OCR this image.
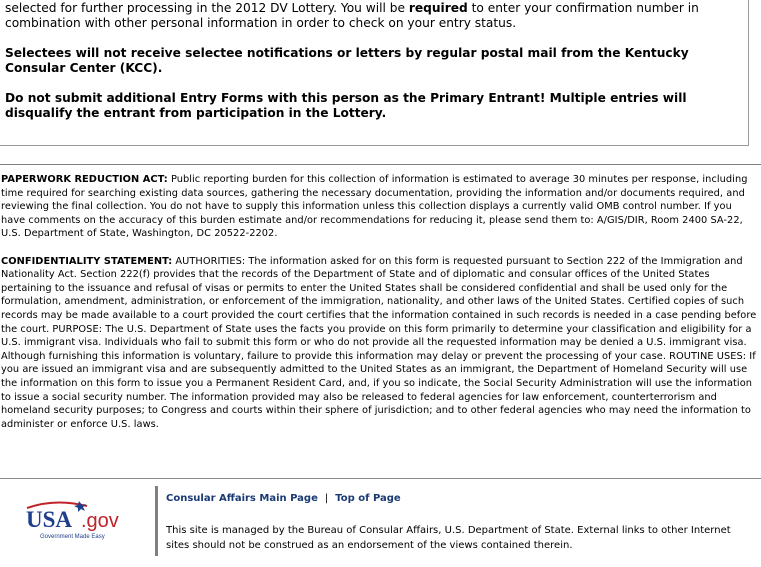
selected for further processing in the 2012 DV Lottery. You will be required to enter your confirmation number in combination with other personal information in order to check on your entry status.

Selectees will not receive selectee notifications or letters by regular postal mail from the Kentucky Consular Center (KCC).

Do not submit additional Entry Forms with this person as the Primary Entrant! Multiple entries will disqualify the entrant from participation in the Lottery.

PAPERWORK REDUCTION ACT: Public reporting burden for this collection of information is estimated to average 30 minutes per response, including time required for searching existing data sources, gathering the necessary documentation, providing the information and/or documents required, and reviewing the final collection. You do not have to supply this information unless this collection displays a currently valid OMB control number. If you have comments on the accuracy of this burden estimate and/or recommendations for reducing it, please send them to: A/GIS/DIR, Room 2400 SA-22, U.S. Department of State, Washington, DC 20522-2202.

CONFIDENTIALITY STATEMENT: AUTHORITIES: The information asked for on this form is requested pursuant to Section 222 of the Immigration and Nationality Act. Section 222(f) provides that the records of the Department of State and of diplomatic and consular offices of the United States pertaining to the issuance and refusal of visas or permits to enter the United States shall be considered confidential and shall be used only for the formulation, amendment, administration, or enforcement of the immigration, nationality, and other laws of the United States. Certified copies of such records may be made available to a court provided the court certifies that the information contained in such records is needed in a case pending before the court. PURPOSE: The U.S. Department of State uses the facts you provide on this form primarily to determine your classification and eligibility for a U.S. immigrant visa. Individuals who fail to submit this form or who do not provide all the requested information may be denied a U.S. immigrant visa. Although furnishing this information is voluntary, failure to provide this information may delay or prevent the processing of your case. ROUTINE USES: If you are issued an immigrant visa and are subsequently admitted to the United States as an immigrant, the Department of Homeland Security will use the information on this form to issue you a Permanent Resident Card, and, if you so indicate, the Social Security Administration will use the information to issue a social security number. The information provided may also be released to federal agencies for law enforcement, counterterrorism and homeland security purposes; to Congress and courts within their sphere of jurisdiction; and to other federal agencies who may need the information to administer or enforce U.S. laws.

USA .gov
Government Made Easy
Consular Affairs Main Page | Top of Page
This site is managed by the Bureau of Consular Affairs, U.S. Department of State. External links to other Internet sites should not be construed as an endorsement of the views contained therein.
